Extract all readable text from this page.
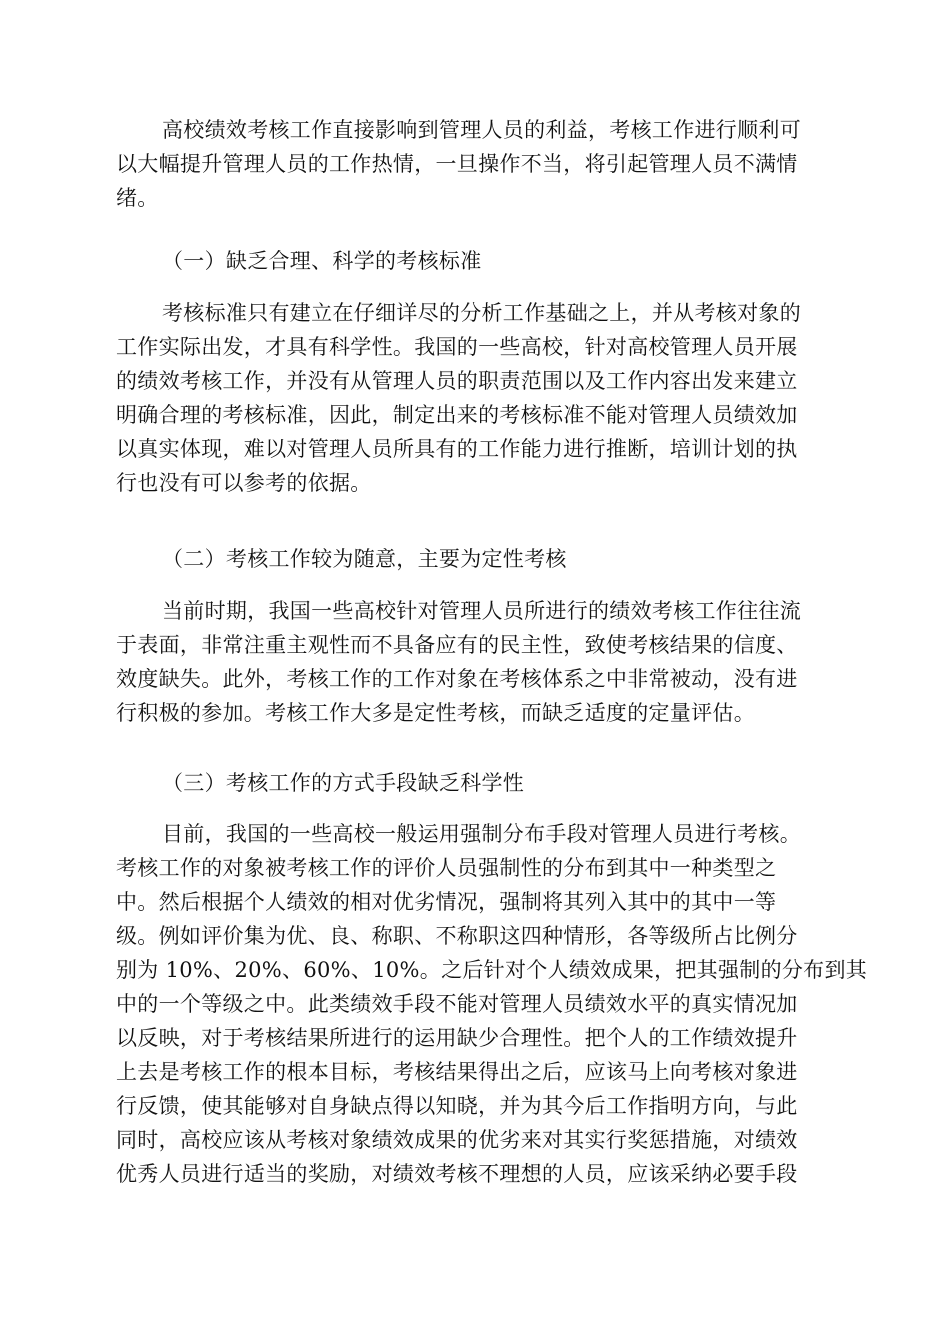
高校绩效考核工作直接影响到管理人员的利益，考核工作进行顺利可
以大幅提升管理人员的工作热情，一旦操作不当，将引起管理人员不满情
绪。
（一）缺乏合理、科学的考核标准
考核标准只有建立在仔细详尽的分析工作基础之上，并从考核对象的
工作实际出发，才具有科学性。我国的一些高校，针对高校管理人员开展
的绩效考核工作，并没有从管理人员的职责范围以及工作内容出发来建立
明确合理的考核标准，因此，制定出来的考核标准不能对管理人员绩效加
以真实体现，难以对管理人员所具有的工作能力进行推断，培训计划的执
行也没有可以参考的依据。
（二）考核工作较为随意，主要为定性考核
当前时期，我国一些高校针对管理人员所进行的绩效考核工作往往流
于表面，非常注重主观性而不具备应有的民主性，致使考核结果的信度、
效度缺失。此外，考核工作的工作对象在考核体系之中非常被动，没有进
行积极的参加。考核工作大多是定性考核，而缺乏适度的定量评估。
（三）考核工作的方式手段缺乏科学性
目前，我国的一些高校一般运用强制分布手段对管理人员进行考核。
考核工作的对象被考核工作的评价人员强制性的分布到其中一种类型之
中。然后根据个人绩效的相对优劣情况，强制将其列入其中的其中一等
级。例如评价集为优、良、称职、不称职这四种情形，各等级所占比例分
别为 10%、20%、60%、10%。之后针对个人绩效成果，把其强制的分布到其
中的一个等级之中。此类绩效手段不能对管理人员绩效水平的真实情况加
以反映，对于考核结果所进行的运用缺少合理性。把个人的工作绩效提升
上去是考核工作的根本目标，考核结果得出之后，应该马上向考核对象进
行反馈，使其能够对自身缺点得以知晓，并为其今后工作指明方向，与此
同时，高校应该从考核对象绩效成果的优劣来对其实行奖惩措施，对绩效
优秀人员进行适当的奖励，对绩效考核不理想的人员，应该采纳必要手段
